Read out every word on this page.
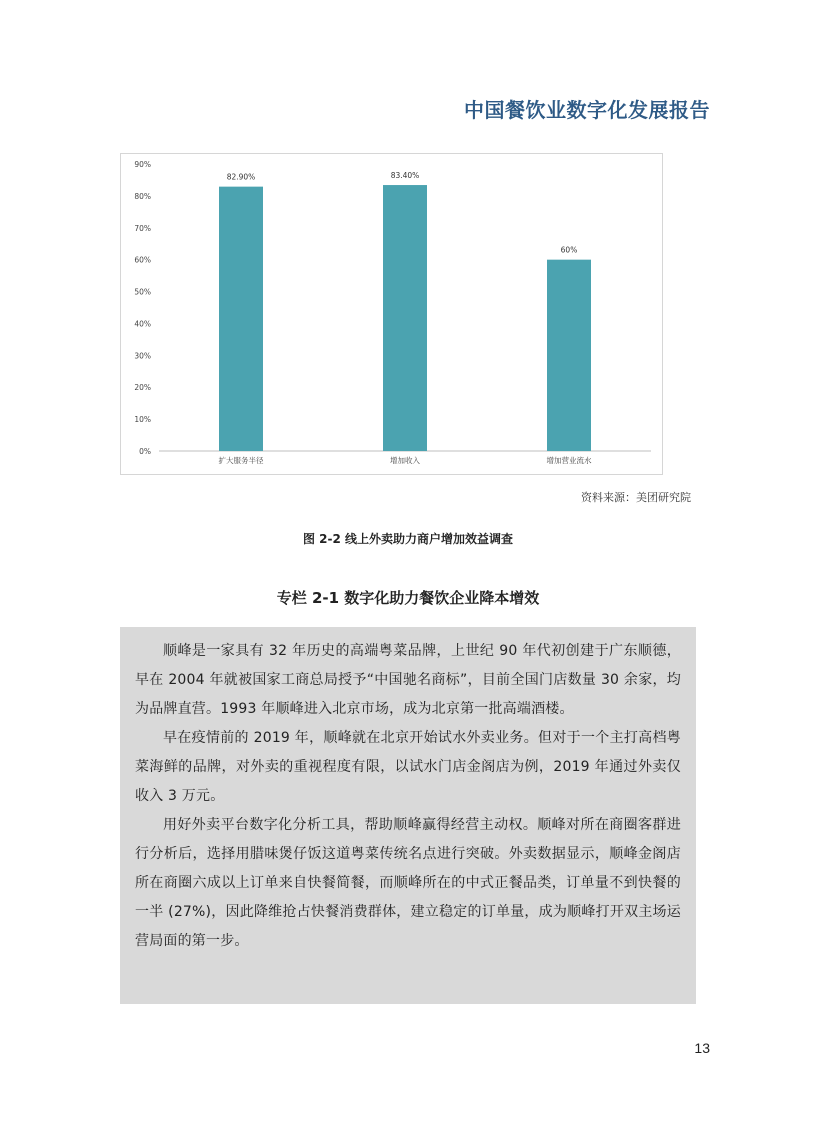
中国餐饮业数字化发展报告
0%
10%
20%
30%
40%
50%
60%
70%
80%
90%
82.90%
扩大服务半径
83.40%
增加收入
60%
增加营业流水
资料来源：美团研究院
图 2-2 线上外卖助力商户增加效益调查
专栏 2-1 数字化助力餐饮企业降本增效

顺峰是一家具有 32 年历史的高端粤菜品牌，上世纪 90 年代初创建于广东顺德，早在 2004 年就被国家工商总局授予“中国驰名商标”，目前全国门店数量 30 余家，均为品牌直营。1993 年顺峰进入北京市场，成为北京第一批高端酒楼。

早在疫情前的 2019 年，顺峰就在北京开始试水外卖业务。但对于一个主打高档粤菜海鲜的品牌，对外卖的重视程度有限，以试水门店金阁店为例，2019 年通过外卖仅收入 3 万元。

用好外卖平台数字化分析工具，帮助顺峰赢得经营主动权。顺峰对所在商圈客群进行分析后，选择用腊味煲仔饭这道粤菜传统名点进行突破。外卖数据显示，顺峰金阁店所在商圈六成以上订单来自快餐简餐，而顺峰所在的中式正餐品类，订单量不到快餐的一半 (27%)，因此降维抢占快餐消费群体，建立稳定的订单量，成为顺峰打开双主场运营局面的第一步。

13
